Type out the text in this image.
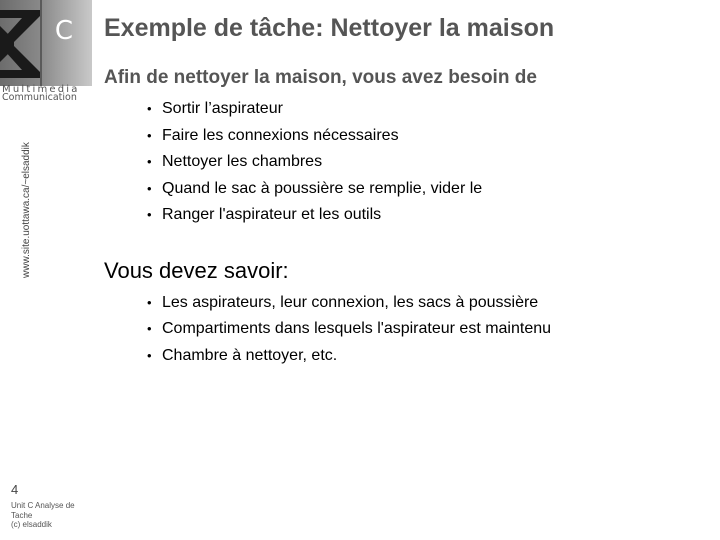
C
Multimedia
Communication
www.site.uottawa.ca/~elsaddik
Exemple de tâche: Nettoyer la maison

Afin de nettoyer la maison, vous avez besoin de

• Sortir l’aspirateur
• Faire les connexions nécessaires
• Nettoyer les chambres
• Quand le sac à poussière se remplie, vider le
• Ranger l'aspirateur et les outils
Vous devez savoir:
• Les aspirateurs, leur connexion, les sacs à poussière
• Compartiments dans lesquels l'aspirateur est maintenu
• Chambre à nettoyer, etc.
4
Unit C Analyse de
Tache
(c) elsaddik
